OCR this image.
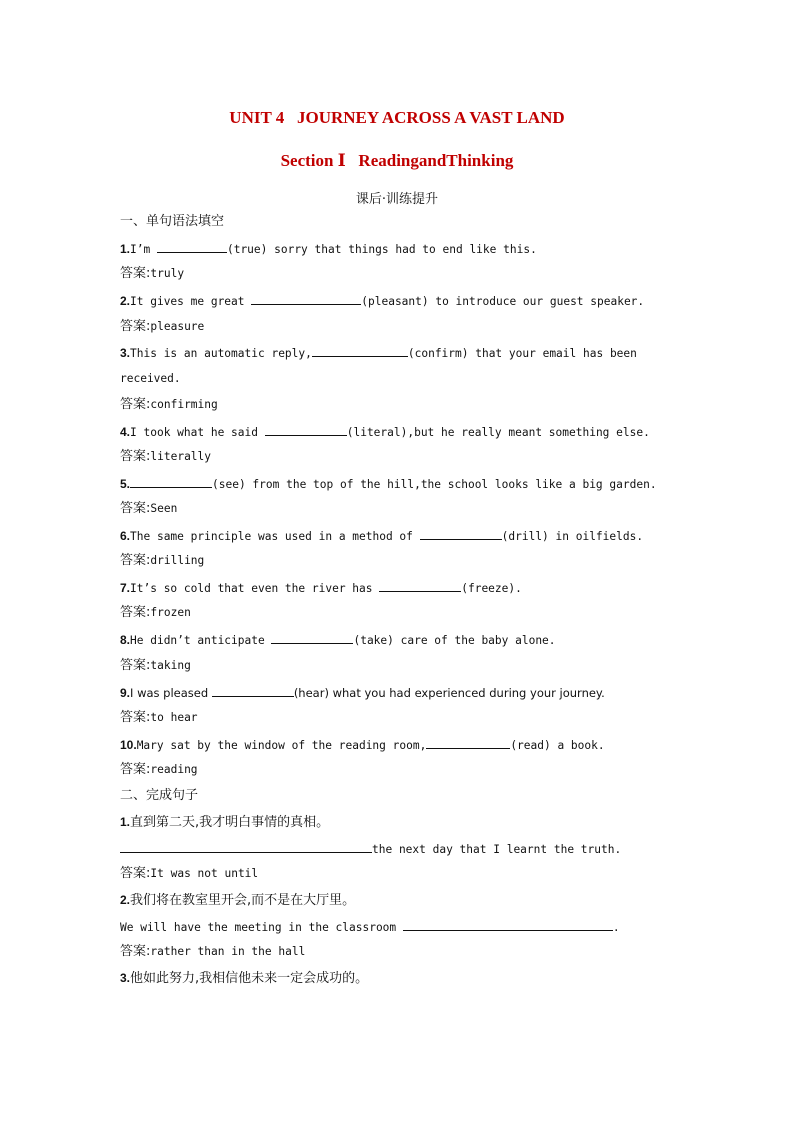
UNIT 4   JOURNEY ACROSS A VAST LAND
Section Ⅰ   ReadingandThinking
课后·训练提升
一、单句语法填空
1.I’m	(true) sorry that things had to end like this.
答案:truly
2.It gives me great	(pleasant) to introduce our guest speaker.
答案:pleasure
3.This is an automatic reply,	(confirm) that your email has been
received.
答案:confirming
4.I took what he said	(literal),but he really meant something else.
答案:literally
5.	(see) from the top of the hill,the school looks like a big garden.
答案:Seen
6.The same principle was used in a method of	(drill) in oilfields.
答案:drilling
7.It’s so cold that even the river has	(freeze).
答案:frozen
8.He didn’t anticipate	(take) care of the baby alone.
答案:taking
9.I was pleased	(hear) what you had experienced during your journey.
答案:to hear
10.Mary sat by the window of the reading room,	(read) a book.
答案:reading
二、完成句子
1.直到第二天,我才明白事情的真相。
the next day that I learnt the truth.
答案:It was not until
2.我们将在教室里开会,而不是在大厅里。
We will have the meeting in the classroom	.
答案:rather than in the hall
3.他如此努力,我相信他未来一定会成功的。
